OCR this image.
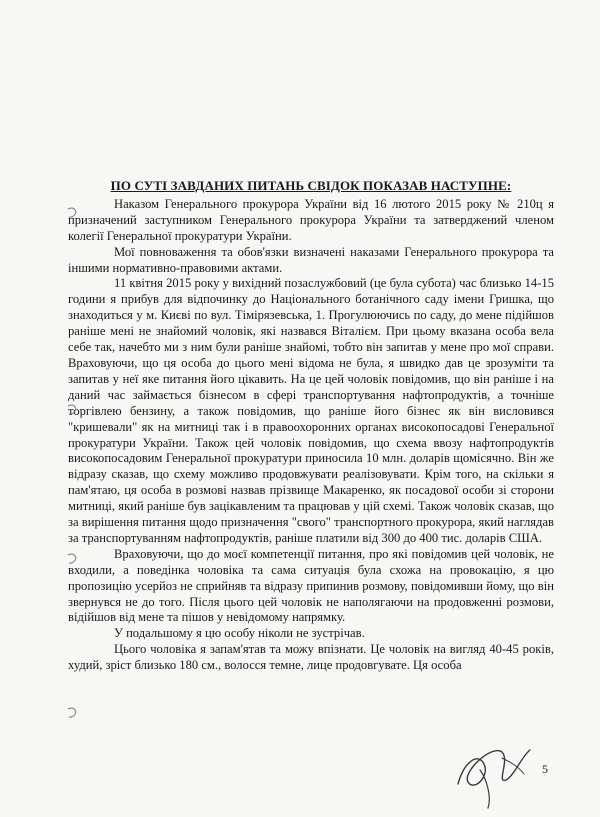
ПО СУТІ ЗАВДАНИХ ПИТАНЬ СВІДОК ПОКАЗАВ НАСТУПНЕ:

Наказом Генерального прокурора України від 16 лютого 2015 року № 210ц я призначений заступником Генерального прокурора України та затверджений членом колегії Генеральної прокуратури України.

Мої повноваження та обов'язки визначені наказами Генерального прокурора та іншими нормативно-правовими актами.

11 квітня 2015 року у вихідний позаслужбовий (це була субота) час близько 14-15 години я прибув для відпочинку до Національного ботанічного саду імени Гришка, що знаходиться у м. Києві по вул. Тімірязевська, 1. Прогулюючись по саду, до мене підійшов раніше мені не знайомий чоловік, які назвався Віталієм. При цьому вказана особа вела себе так, начебто ми з ним були раніше знайомі, тобто він запитав у мене про мої справи. Враховуючи, що ця особа до цього мені відома не була, я швидко дав це зрозуміти та запитав у неї яке питання його цікавить. На це цей чоловік повідомив, що він раніше і на даний час займається бізнесом в сфері транспортування нафтопродуктів, а точніше торгівлею бензину, а також повідомив, що раніше його бізнес як він висловився "кришевали" як на митниці так і в правоохоронних органах високопосадові Генеральної прокуратури України. Також цей чоловік повідомив, що схема ввозу нафтопродуктів високопосадовим Генеральної прокуратури приносила 10 млн. доларів щомісячно. Він же відразу сказав, що схему можливо продовжувати реалізовувати. Крім того, на скільки я пам'ятаю, ця особа в розмові назвав прізвище Макаренко, як посадової особи зі сторони митниці, який раніше був зацікавленим та працював у цій схемі. Також чоловік сказав, що за вирішення питання щодо призначення "свого" транспортного прокурора, який наглядав за транспортуванням нафтопродуктів, раніше платили від 300 до 400 тис. доларів США.

Враховуючи, що до моєї компетенції питання, про які повідомив цей чоловік, не входили, а поведінка чоловіка та сама ситуація була схожа на провокацію, я цю пропозицію усерйоз не сприйняв та відразу припинив розмову, повідомивши йому, що він звернувся не до того. Після цього цей чоловік не наполягаючи на продовженні розмови, відійшов від мене та пішов у невідомому напрямку.

У подальшому я цю особу ніколи не зустрічав.

Цього чоловіка я запам'ятав та можу впізнати. Це чоловік на вигляд 40-45 років, худий, зріст близько 180 см., волосся темне, лице продовгувате. Ця особа

5
